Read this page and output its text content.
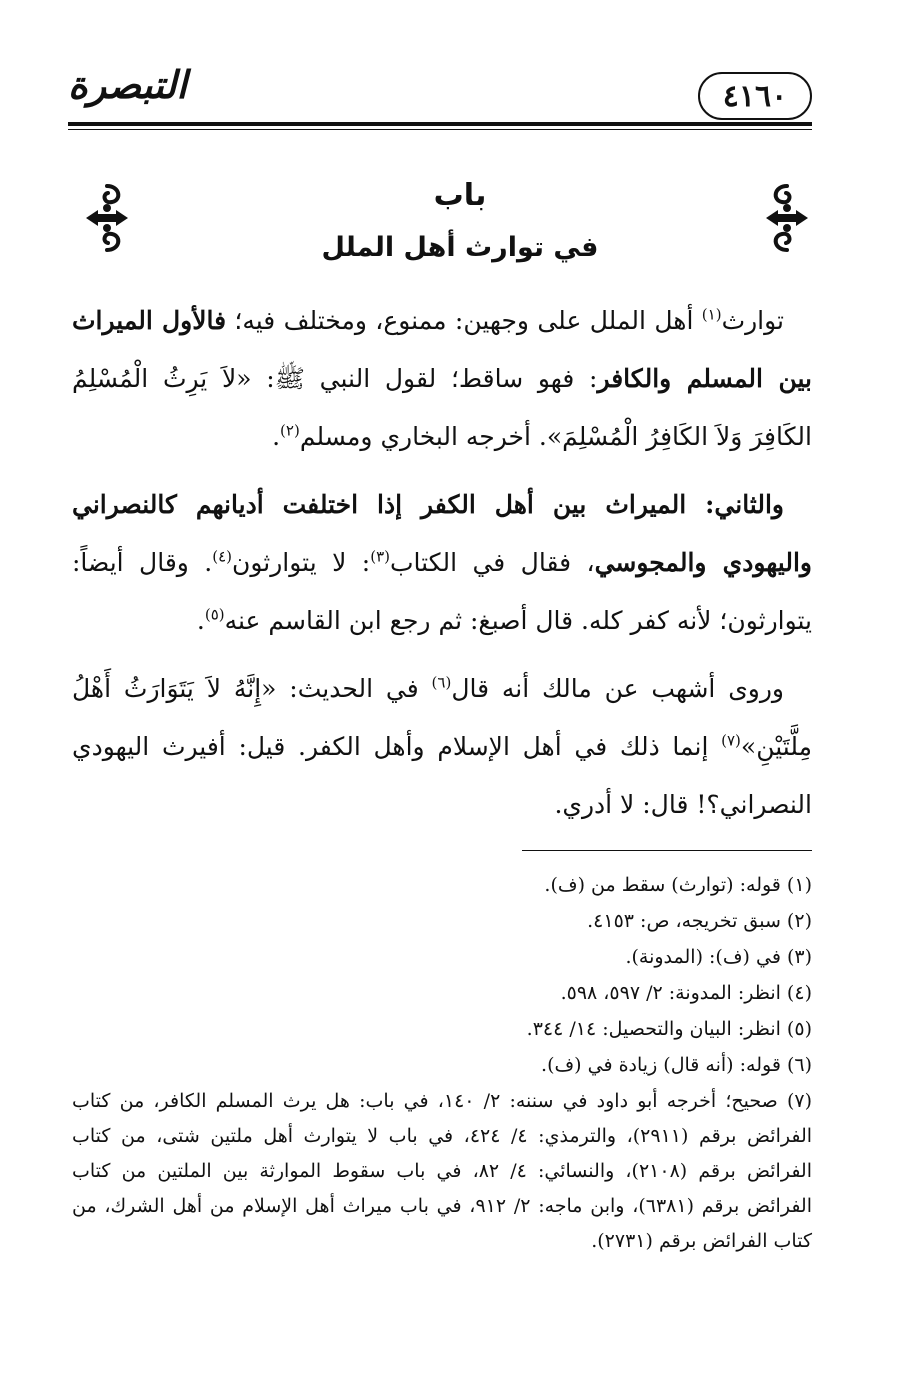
التبصرة	٤١٦٠
باب
في توارث أهل الملل

توارث$^{(١)}$ أهل الملل على وجهين: ممنوع، ومختلف فيه؛ فالأول الميراث بين المسلم والكافر: فهو ساقط؛ لقول النبي ﷺ: «لاَ يَرِثُ الْمُسْلِمُ الكَافِرَ وَلاَ الكَافِرُ الْمُسْلِمَ». أخرجه البخاري ومسلم$^{(٢)}$.

والثاني: الميراث بين أهل الكفر إذا اختلفت أديانهم كالنصراني واليهودي والمجوسي، فقال في الكتاب$^{(٣)}$: لا يتوارثون$^{(٤)}$. وقال أيضاً: يتوارثون؛ لأنه كفر كله. قال أصبغ: ثم رجع ابن القاسم عنه$^{(٥)}$.

وروى أشهب عن مالك أنه قال$^{(٦)}$ في الحديث: «إِنَّهُ لاَ يَتَوَارَثُ أَهْلُ مِلَّتَيْنِ»$^{(٧)}$ إنما ذلك في أهل الإسلام وأهل الكفر. قيل: أفيرث اليهودي النصراني؟! قال: لا أدري.

(١) قوله: (توارث) سقط من (ف).
(٢) سبق تخريجه، ص: ٤١٥٣.
(٣) في (ف): (المدونة).
(٤) انظر: المدونة: ٢/ ٥٩٧، ٥٩٨.
(٥) انظر: البيان والتحصيل: ١٤/ ٣٤٤.
(٦) قوله: (أنه قال) زيادة في (ف).
(٧) صحيح؛ أخرجه أبو داود في سننه: ٢/ ١٤٠، في باب: هل يرث المسلم الكافر، من كتاب الفرائض برقم (٢٩١١)، والترمذي: ٤/ ٤٢٤، في باب لا يتوارث أهل ملتين شتى، من كتاب الفرائض برقم (٢١٠٨)، والنسائي: ٤/ ٨٢، في باب سقوط الموارثة بين الملتين من كتاب الفرائض برقم (٦٣٨١)، وابن ماجه: ٢/ ٩١٢، في باب ميراث أهل الإسلام من أهل الشرك، من كتاب الفرائض برقم (٢٧٣١).
